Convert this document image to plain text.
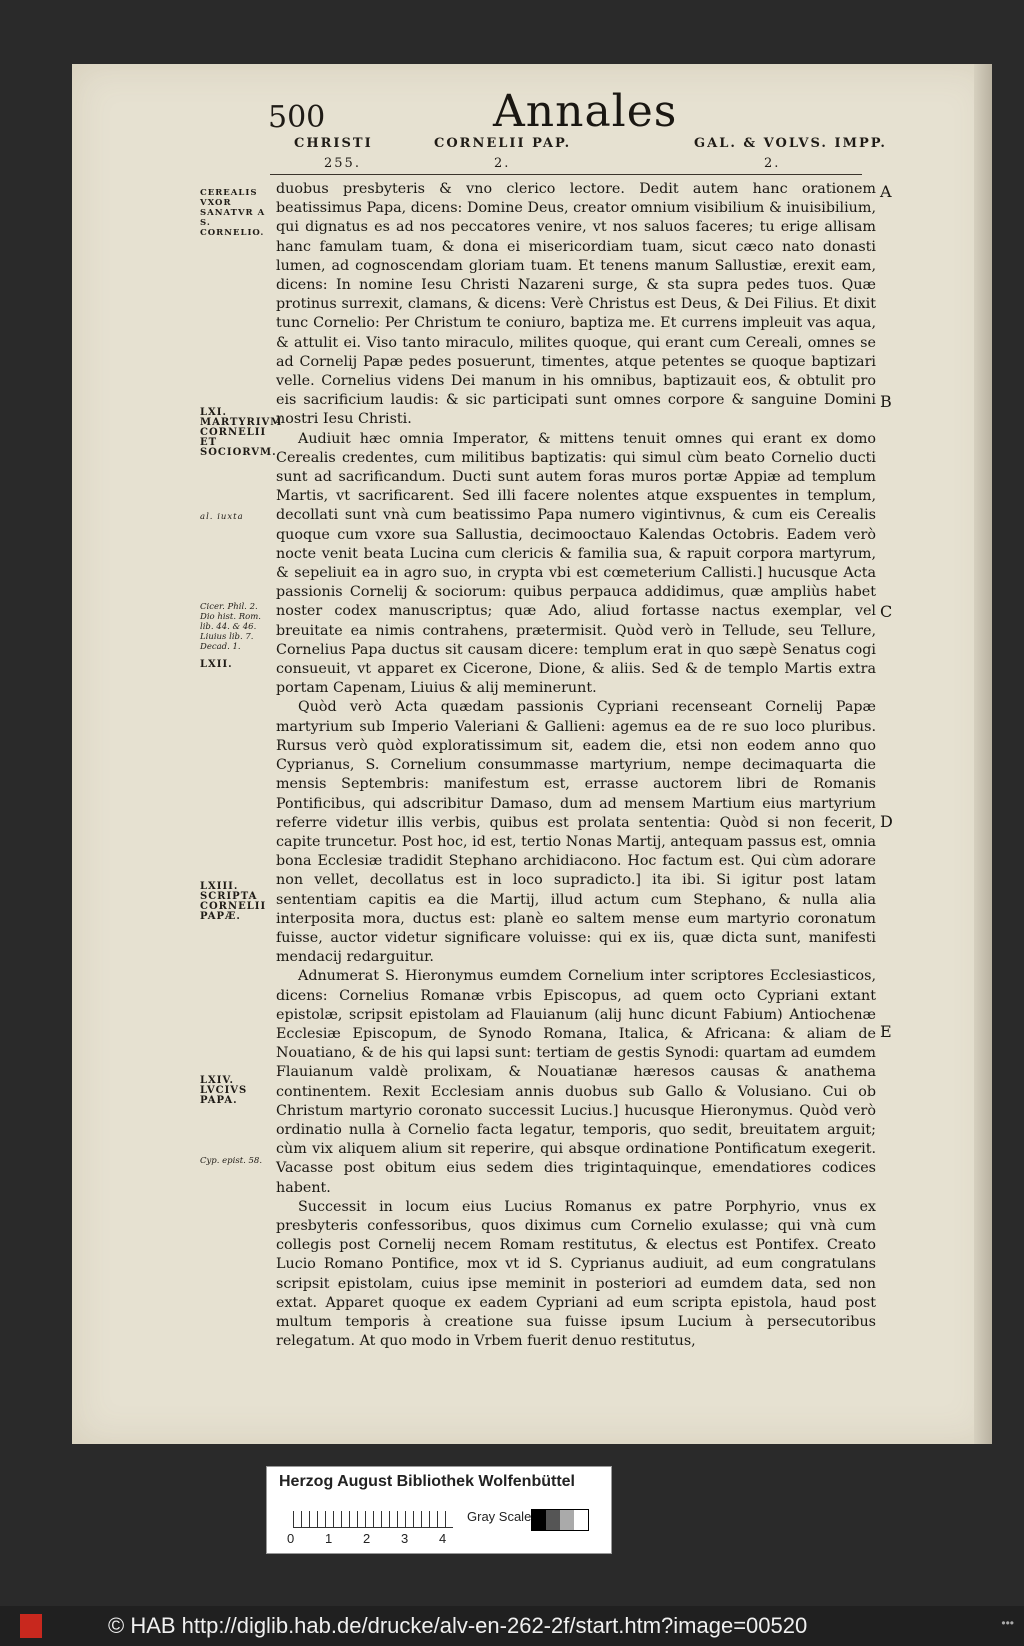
500	Annales
CHRISTI
255.
CORNELII PAP.
2.
GAL. & VOLVS. IMPP.
2.
CEREALIS VXOR SANATVR A S. CORNELIO.
LXI. MARTYRIVM CORNELII ET SOCIORVM.
al. iuxta
Cicer. Phil. 2. Dio hist. Rom. lib. 44. & 46. Liuius lib. 7. Decad. 1.
LXII.
LXIII. SCRIPTA CORNELII PAPÆ.
LXIV. LVCIVS PAPA.
Cyp. epist. 58.

duobus presbyteris & vno clerico lectore. Dedit autem hanc orationem beatissimus Papa, dicens: Domine Deus, creator omnium visibilium & inuisibilium, qui dignatus es ad nos peccatores venire, vt nos saluos faceres; tu erige allisam hanc famulam tuam, & dona ei misericordiam tuam, sicut cæco nato donasti lumen, ad cognoscendam gloriam tuam. Et tenens manum Sallustiæ, erexit eam, dicens: In nomine Iesu Christi Nazareni surge, & sta supra pedes tuos. Quæ protinus surrexit, clamans, & dicens: Verè Christus est Deus, & Dei Filius. Et dixit tunc Cornelio: Per Christum te coniuro, baptiza me. Et currens impleuit vas aqua, & attulit ei. Viso tanto miraculo, milites quoque, qui erant cum Cereali, omnes se ad Cornelij Papæ pedes posuerunt, timentes, atque petentes se quoque baptizari velle. Cornelius videns Dei manum in his omnibus, baptizauit eos, & obtulit pro eis sacrificium laudis: & sic participati sunt omnes corpore & sanguine Domini nostri Iesu Christi.

Audiuit hæc omnia Imperator, & mittens tenuit omnes qui erant ex domo Cerealis credentes, cum militibus baptizatis: qui simul cùm beato Cornelio ducti sunt ad sacrificandum. Ducti sunt autem foras muros portæ Appiæ ad templum Martis, vt sacrificarent. Sed illi facere nolentes atque exspuentes in templum, decollati sunt vnà cum beatissimo Papa numero vigintivnus, & cum eis Cerealis quoque cum vxore sua Sallustia, decimooctauo Kalendas Octobris. Eadem verò nocte venit beata Lucina cum clericis & familia sua, & rapuit corpora martyrum, & sepeliuit ea in agro suo, in crypta vbi est cœmeterium Callisti.] hucusque Acta passionis Cornelij & sociorum: quibus perpauca addidimus, quæ ampliùs habet noster codex manuscriptus; quæ Ado, aliud fortasse nactus exemplar, vel breuitate ea nimis contrahens, prætermisit. Quòd verò in Tellude, seu Tellure, Cornelius Papa ductus sit causam dicere: templum erat in quo sæpè Senatus cogi consueuit, vt apparet ex Cicerone, Dione, & aliis. Sed & de templo Martis extra portam Capenam, Liuius & alij meminerunt.

Quòd verò Acta quædam passionis Cypriani recenseant Cornelij Papæ martyrium sub Imperio Valeriani & Gallieni: agemus ea de re suo loco pluribus. Rursus verò quòd exploratissimum sit, eadem die, etsi non eodem anno quo Cyprianus, S. Cornelium consummasse martyrium, nempe decimaquarta die mensis Septembris: manifestum est, errasse auctorem libri de Romanis Pontificibus, qui adscribitur Damaso, dum ad mensem Martium eius martyrium referre videtur illis verbis, quibus est prolata sententia: Quòd si non fecerit, capite truncetur. Post hoc, id est, tertio Nonas Martij, antequam passus est, omnia bona Ecclesiæ tradidit Stephano archidiacono. Hoc factum est. Qui cùm adorare non vellet, decollatus est in loco supradicto.] ita ibi. Si igitur post latam sententiam capitis ea die Martij, illud actum cum Stephano, & nulla alia interposita mora, ductus est: planè eo saltem mense eum martyrio coronatum fuisse, auctor videtur significare voluisse: qui ex iis, quæ dicta sunt, manifesti mendacij redarguitur.

Adnumerat S. Hieronymus eumdem Cornelium inter scriptores Ecclesiasticos, dicens: Cornelius Romanæ vrbis Episcopus, ad quem octo Cypriani extant epistolæ, scripsit epistolam ad Flauianum (alij hunc dicunt Fabium) Antiochenæ Ecclesiæ Episcopum, de Synodo Romana, Italica, & Africana: & aliam de Nouatiano, & de his qui lapsi sunt: tertiam de gestis Synodi: quartam ad eumdem Flauianum valdè prolixam, & Nouatianæ hæresos causas & anathema continentem. Rexit Ecclesiam annis duobus sub Gallo & Volusiano. Cui ob Christum martyrio coronato successit Lucius.] hucusque Hieronymus. Quòd verò ordinatio nulla à Cornelio facta legatur, temporis, quo sedit, breuitatem arguit; cùm vix aliquem alium sit reperire, qui absque ordinatione Pontificatum exegerit. Vacasse post obitum eius sedem dies trigintaquinque, emendatiores codices habent.

Successit in locum eius Lucius Romanus ex patre Porphyrio, vnus ex presbyteris confessoribus, quos diximus cum Cornelio exulasse; qui vnà cum collegis post Cornelij necem Romam restitutus, & electus est Pontifex. Creato Lucio Romano Pontifice, mox vt id S. Cyprianus audiuit, ad eum congratulans scripsit epistolam, cuius ipse meminit in posteriori ad eumdem data, sed non extat. Apparet quoque ex eadem Cypriani ad eum scripta epistola, haud post multum temporis à creatione sua fuisse ipsum Lucium à persecutoribus relegatum. At quo modo in Vrbem fuerit denuo restitutus,

A
B
C
D
E
Herzog August Bibliothek Wolfenbüttel
0 1 2 3 4
Gray Scale
© HAB http://diglib.hab.de/drucke/alv-en-262-2f/start.htm?image=00520	•••
